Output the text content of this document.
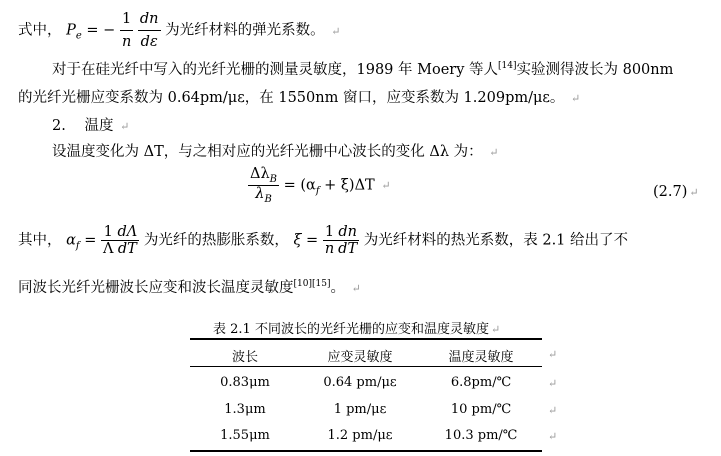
式中， $P_e$ = − $\frac{1}{n}$
$\frac{dn}{d\varepsilon}$ 为光纤材料的弹光系数。 ↵
对于在硅光纤中写入的光纤光栅的测量灵敏度，1989 年 Moery 等人[14]实验测得波长为 800nm
的光纤光栅应变系数为 0.64pm/με，在 1550nm 窗口，应变系数为 1.209pm/με。 ↵
2. 温度 ↵
设温度变化为 ΔT，与之相对应的光纤光栅中心波长的变化 Δλ 为： ↵
$\frac{\Delta\lambda_B}{\lambda_B} = (\alpha_f + \xi)\Delta T$ ↵	(2.7) ↵
其中， $\alpha_f = \frac{1}{\Lambda} \frac{d\Lambda}{dT}$ 为光纤的热膨胀系数， $\xi = \frac{1}{n} \frac{dn}{dT}$ 为光纤材料的热光系数，表 2.1 给出了不
同波长光纤光栅波长应变和波长温度灵敏度[10][15]。 ↵
表 2.1 不同波长的光纤光栅的应变和温度灵敏度 ↵
波长	应变灵敏度	温度灵敏度
0.83μm	0.64 pm/με	6.8pm/℃
1.3μm	1 pm/με	10 pm/℃
1.55μm	1.2 pm/με	10.3 pm/℃
↵
↵
↵
↵
